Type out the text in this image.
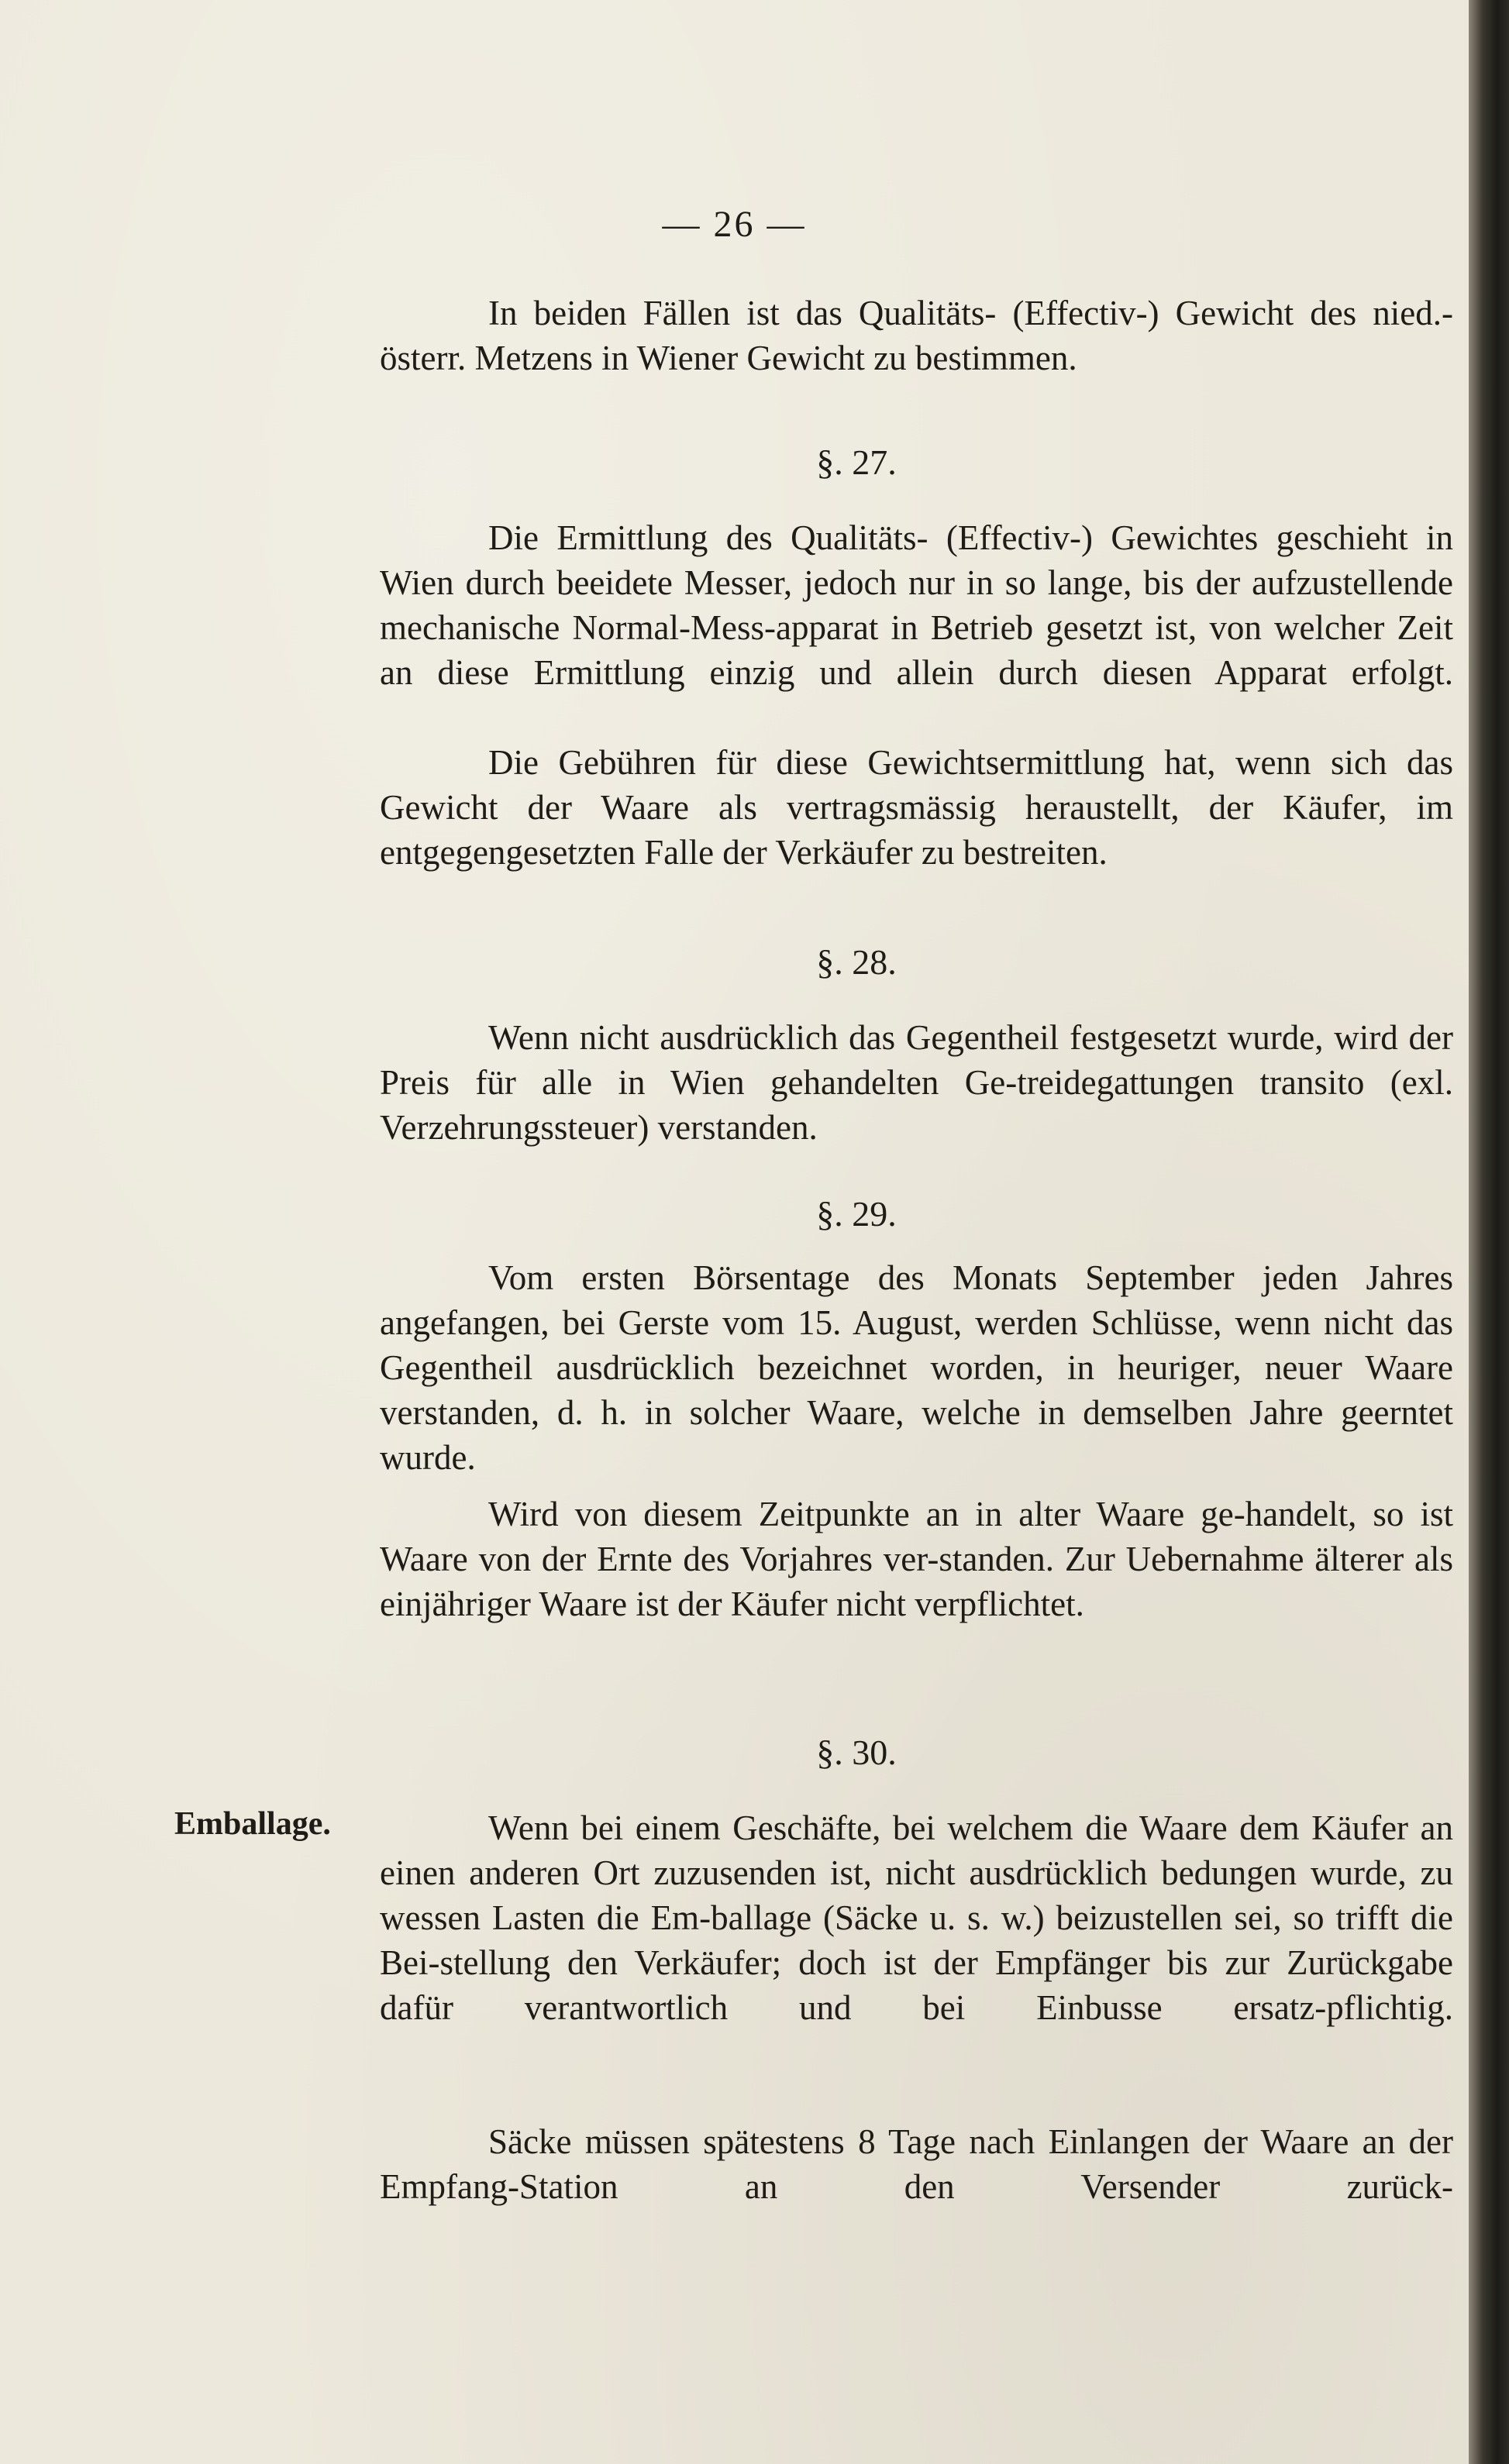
— 26 —

In beiden Fällen ist das Qualitäts- (Effectiv-) Gewicht des nied.-österr. Metzens in Wiener Gewicht zu bestimmen.

§. 27.

Die Ermittlung des Qualitäts- (Effectiv-) Gewichtes geschieht in Wien durch beeidete Messer, jedoch nur in so lange, bis der aufzustellende mechanische Normal-Mess-apparat in Betrieb gesetzt ist, von welcher Zeit an diese Ermittlung einzig und allein durch diesen Apparat erfolgt.

Die Gebühren für diese Gewichtsermittlung hat, wenn sich das Gewicht der Waare als vertragsmässig heraustellt, der Käufer, im entgegengesetzten Falle der Verkäufer zu bestreiten.

§. 28.

Wenn nicht ausdrücklich das Gegentheil festgesetzt wurde, wird der Preis für alle in Wien gehandelten Ge-treidegattungen transito (exl. Verzehrungssteuer) verstanden.

§. 29.

Vom ersten Börsentage des Monats September jeden Jahres angefangen, bei Gerste vom 15. August, werden Schlüsse, wenn nicht das Gegentheil ausdrücklich bezeichnet worden, in heuriger, neuer Waare verstanden, d. h. in solcher Waare, welche in demselben Jahre geerntet wurde.

Wird von diesem Zeitpunkte an in alter Waare ge-handelt, so ist Waare von der Ernte des Vorjahres ver-standen. Zur Uebernahme älterer als einjähriger Waare ist der Käufer nicht verpflichtet.

§. 30.
Emballage.	Wenn bei einem Geschäfte, bei welchem die Waare dem Käufer an einen anderen Ort zuzusenden ist, nicht ausdrücklich bedungen wurde, zu wessen Lasten die Em-ballage (Säcke u. s. w.) beizustellen sei, so trifft die Bei-stellung den Verkäufer; doch ist der Empfänger bis zur Zurückgabe dafür verantwortlich und bei Einbusse ersatz-pflichtig.

Säcke müssen spätestens 8 Tage nach Einlangen der Waare an der Empfang-Station an den Versender zurück-
